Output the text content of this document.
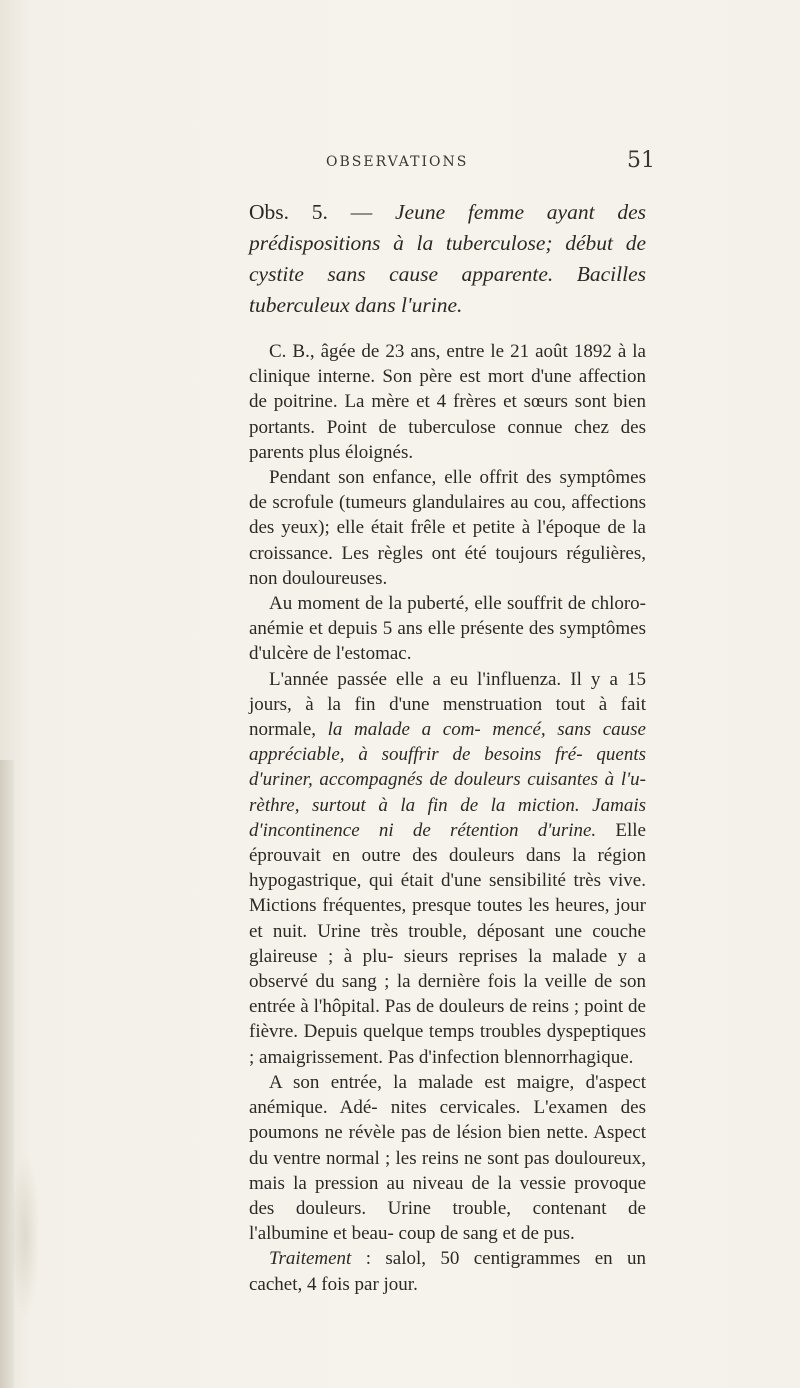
OBSERVATIONS	51
Obs. 5. — Jeune femme ayant des prédispositions à la tuberculose; début de cystite sans cause apparente. Bacilles tuberculeux dans l'urine.

C. B., âgée de 23 ans, entre le 21 août 1892 à la clinique interne. Son père est mort d'une affection de poitrine. La mère et 4 frères et sœurs sont bien portants. Point de tuberculose connue chez des parents plus éloignés.

Pendant son enfance, elle offrit des symptômes de scrofule (tumeurs glandulaires au cou, affections des yeux); elle était frêle et petite à l'époque de la croissance. Les règles ont été toujours régulières, non douloureuses.

Au moment de la puberté, elle souffrit de chloro-anémie et depuis 5 ans elle présente des symptômes d'ulcère de l'estomac.

L'année passée elle a eu l'influenza. Il y a 15 jours, à la fin d'une menstruation tout à fait normale, la malade a com- mencé, sans cause appréciable, à souffrir de besoins fré- quents d'uriner, accompagnés de douleurs cuisantes à l'u- rèthre, surtout à la fin de la miction. Jamais d'incontinence ni de rétention d'urine. Elle éprouvait en outre des douleurs dans la région hypogastrique, qui était d'une sensibilité très vive. Mictions fréquentes, presque toutes les heures, jour et nuit. Urine très trouble, déposant une couche glaireuse ; à plu- sieurs reprises la malade y a observé du sang ; la dernière fois la veille de son entrée à l'hôpital. Pas de douleurs de reins ; point de fièvre. Depuis quelque temps troubles dyspeptiques ; amaigrissement. Pas d'infection blennorrhagique.

A son entrée, la malade est maigre, d'aspect anémique. Adé- nites cervicales. L'examen des poumons ne révèle pas de lésion bien nette. Aspect du ventre normal ; les reins ne sont pas douloureux, mais la pression au niveau de la vessie provoque des douleurs. Urine trouble, contenant de l'albumine et beau- coup de sang et de pus.

Traitement : salol, 50 centigrammes en un cachet, 4 fois par jour.
